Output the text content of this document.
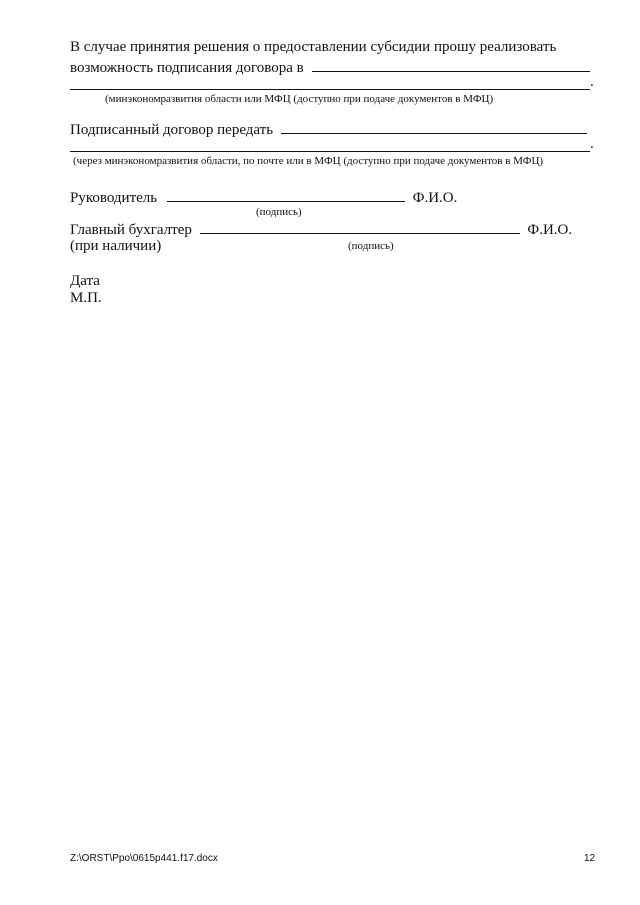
В случае принятия решения о предоставлении субсидии прошу реализовать
возможность подписания договора в
.
(минэкономразвития области или МФЦ (доступно при подаче документов в МФЦ)
Подписанный договор передать
.
(через минэкономразвития области, по почте или в МФЦ (доступно при подаче документов в МФЦ)
Руководитель	Ф.И.О.
(подпись)
Главный бухгалтер	Ф.И.О.
(при наличии)	(подпись)
Дата
М.П.
Z:\ORST\Ppo\0615p441.f17.docx	12
